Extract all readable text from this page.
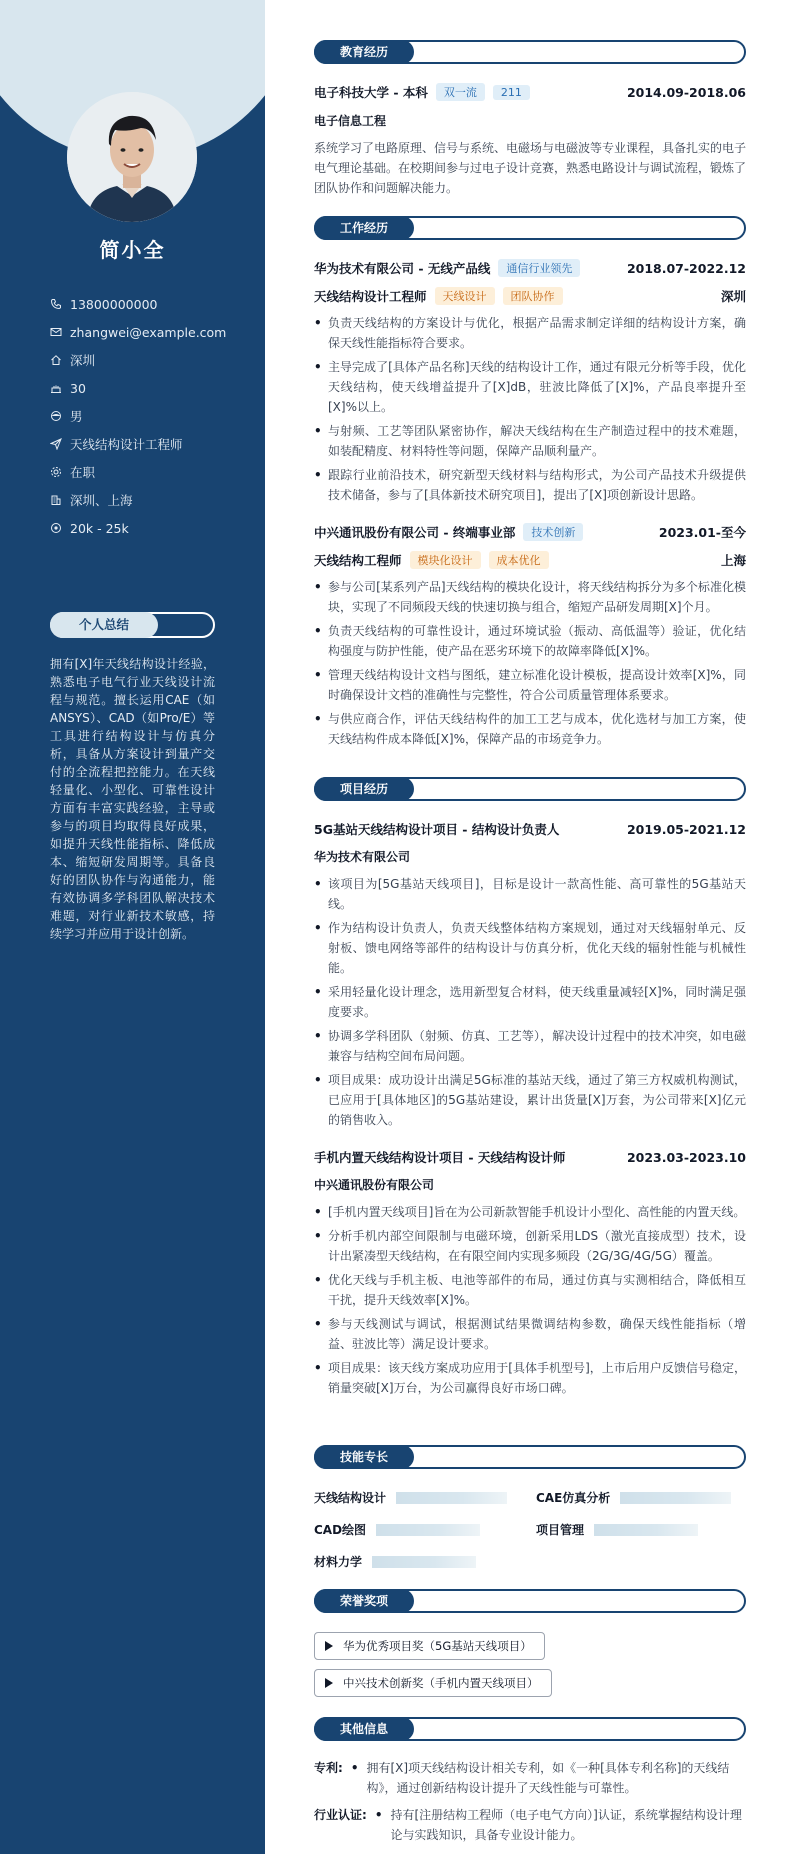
简小全
13800000000
zhangwei@example.com
深圳
30
男
天线结构设计工程师
在职
深圳、上海
20k - 25k
个人总结
拥有[X]年天线结构设计经验，熟悉电子电气行业天线设计流程与规范。擅长运用CAE（如ANSYS）、CAD（如Pro/E）等工具进行结构设计与仿真分析，具备从方案设计到量产交付的全流程把控能力。在天线轻量化、小型化、可靠性设计方面有丰富实践经验，主导或参与的项目均取得良好成果，如提升天线性能指标、降低成本、缩短研发周期等。具备良好的团队协作与沟通能力，能有效协调多学科团队解决技术难题，对行业新技术敏感，持续学习并应用于设计创新。
教育经历
电子科技大学 - 本科	双一流	211	2014.09-2018.06
电子信息工程
系统学习了电路原理、信号与系统、电磁场与电磁波等专业课程，具备扎实的电子电气理论基础。在校期间参与过电子设计竞赛，熟悉电路设计与调试流程，锻炼了团队协作和问题解决能力。
工作经历
华为技术有限公司 - 无线产品线	通信行业领先	2018.07-2022.12
天线结构设计工程师	天线设计	团队协作	深圳
• 负责天线结构的方案设计与优化，根据产品需求制定详细的结构设计方案，确保天线性能指标符合要求。
• 主导完成了[具体产品名称]天线的结构设计工作，通过有限元分析等手段，优化天线结构，使天线增益提升了[X]dB，驻波比降低了[X]%，产品良率提升至[X]%以上。
• 与射频、工艺等团队紧密协作，解决天线结构在生产制造过程中的技术难题，如装配精度、材料特性等问题，保障产品顺利量产。
• 跟踪行业前沿技术，研究新型天线材料与结构形式，为公司产品技术升级提供技术储备，参与了[具体新技术研究项目]，提出了[X]项创新设计思路。
中兴通讯股份有限公司 - 终端事业部	技术创新	2023.01-至今
天线结构工程师	模块化设计	成本优化	上海
• 参与公司[某系列产品]天线结构的模块化设计，将天线结构拆分为多个标准化模块，实现了不同频段天线的快速切换与组合，缩短产品研发周期[X]个月。
• 负责天线结构的可靠性设计，通过环境试验（振动、高低温等）验证，优化结构强度与防护性能，使产品在恶劣环境下的故障率降低[X]%。
• 管理天线结构设计文档与图纸，建立标准化设计模板，提高设计效率[X]%，同时确保设计文档的准确性与完整性，符合公司质量管理体系要求。
• 与供应商合作，评估天线结构件的加工工艺与成本，优化选材与加工方案，使天线结构件成本降低[X]%，保障产品的市场竞争力。
项目经历
5G基站天线结构设计项目 - 结构设计负责人	2019.05-2021.12
华为技术有限公司
• 该项目为[5G基站天线项目]，目标是设计一款高性能、高可靠性的5G基站天线。
• 作为结构设计负责人，负责天线整体结构方案规划，通过对天线辐射单元、反射板、馈电网络等部件的结构设计与仿真分析，优化天线的辐射性能与机械性能。
• 采用轻量化设计理念，选用新型复合材料，使天线重量减轻[X]%，同时满足强度要求。
• 协调多学科团队（射频、仿真、工艺等），解决设计过程中的技术冲突，如电磁兼容与结构空间布局问题。
• 项目成果：成功设计出满足5G标准的基站天线，通过了第三方权威机构测试，已应用于[具体地区]的5G基站建设，累计出货量[X]万套，为公司带来[X]亿元的销售收入。
手机内置天线结构设计项目 - 天线结构设计师	2023.03-2023.10
中兴通讯股份有限公司
• [手机内置天线项目]旨在为公司新款智能手机设计小型化、高性能的内置天线。
• 分析手机内部空间限制与电磁环境，创新采用LDS（激光直接成型）技术，设计出紧凑型天线结构，在有限空间内实现多频段（2G/3G/4G/5G）覆盖。
• 优化天线与手机主板、电池等部件的布局，通过仿真与实测相结合，降低相互干扰，提升天线效率[X]%。
• 参与天线测试与调试，根据测试结果微调结构参数，确保天线性能指标（增益、驻波比等）满足设计要求。
• 项目成果：该天线方案成功应用于[具体手机型号]，上市后用户反馈信号稳定，销量突破[X]万台，为公司赢得良好市场口碑。
技能专长
天线结构设计	CAE仿真分析
CAD绘图	项目管理
材料力学
荣誉奖项
华为优秀项目奖（5G基站天线项目）
中兴技术创新奖（手机内置天线项目）
其他信息
专利: • 拥有[X]项天线结构设计相关专利，如《一种[具体专利名称]的天线结构》，通过创新结构设计提升了天线性能与可靠性。
行业认证: • 持有[注册结构工程师（电子电气方向）]认证，系统掌握结构设计理论与实践知识，具备专业设计能力。
